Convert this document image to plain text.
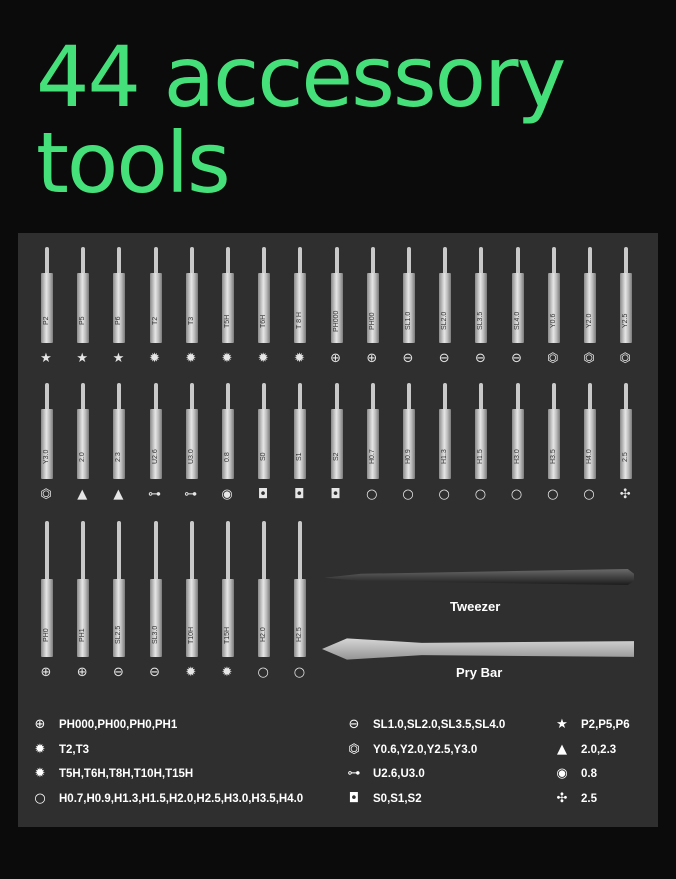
44 accessory
tools
P2
★
P5
★
P6
★
T2
✹
T3
✹
T5H
✹
T6H
✹
T 8 H
✹
PH000
⊕
PH00
⊕
SL1.0
⊖
SL2.0
⊖
SL3.5
⊖
SL4.0
⊖
Y0.6
⏣
Y2.0
⏣
Y2.5
⏣
Y3.0
⏣
2.0
▲
2.3
▲
U2.6
⊶
U3.0
⊶
0.8
◉
S0
◘
S1
◘
S2
◘
H0.7
○
H0.9
○
H1.3
○
H1.5
○
H3.0
○
H3.5
○
H4.0
○
2.5
✣
PH0
⊕
PH1
⊕
SL2.5
⊖
SL3.0
⊖
T10H
✹
T15H
✹
H2.0
○
H2.5
○
Tweezer
Pry Bar
⊕ PH000,PH00,PH0,PH1
✹ T2,T3
✹ T5H,T6H,T8H,T10H,T15H
○ H0.7,H0.9,H1.3,H1.5,H2.0,H2.5,H3.0,H3.5,H4.0
⊖ SL1.0,SL2.0,SL3.5,SL4.0
⏣ Y0.6,Y2.0,Y2.5,Y3.0
⊶ U2.6,U3.0
◘ S0,S1,S2
★ P2,P5,P6
▲ 2.0,2.3
◉ 0.8
✣ 2.5
